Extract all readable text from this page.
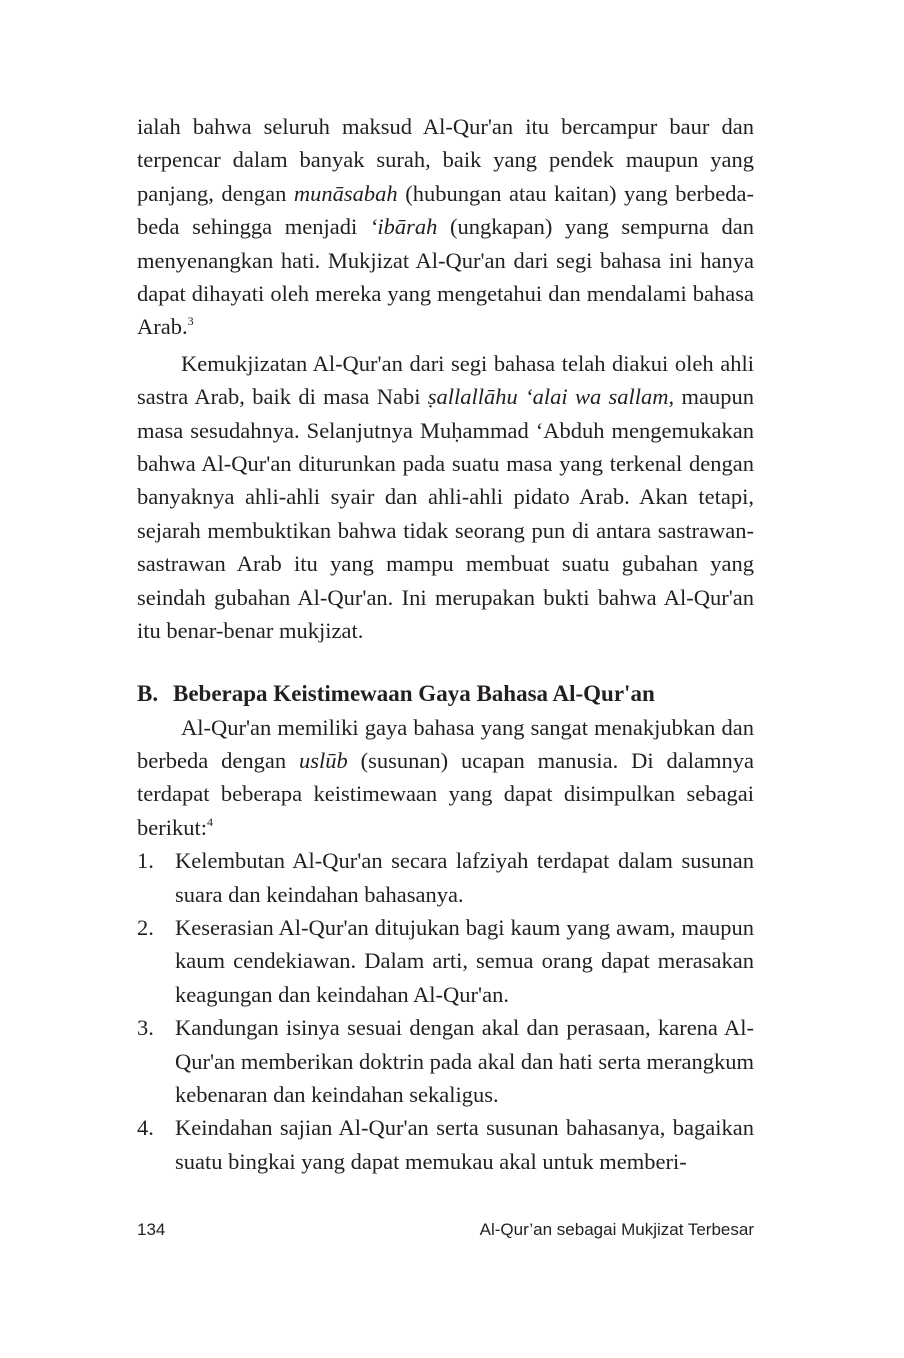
ialah bahwa seluruh maksud Al-Qur'an itu bercampur baur dan terpencar dalam banyak surah, baik yang pendek maupun yang panjang, dengan munāsabah (hubungan atau kaitan) yang berbeda-beda sehingga menjadi ‘ibārah (ungkapan) yang sempurna dan menyenangkan hati. Mukjizat Al-Qur'an dari segi bahasa ini hanya dapat dihayati oleh mereka yang mengetahui dan mendalami bahasa Arab.$^3$

Kemukjizatan Al-Qur'an dari segi bahasa telah diakui oleh ahli sastra Arab, baik di masa Nabi ṣallallāhu ‘alai wa sallam, maupun masa sesudahnya. Selanjutnya Muḥammad ‘Abduh mengemukakan bahwa Al-Qur'an diturunkan pada suatu masa yang terkenal dengan banyaknya ahli-ahli syair dan ahli-ahli pidato Arab. Akan tetapi, sejarah membuktikan bahwa tidak seorang pun di antara sastrawan-sastrawan Arab itu yang mampu membuat suatu gubahan yang seindah gubahan Al-Qur'an. Ini merupakan bukti bahwa Al-Qur'an itu benar-benar mukjizat.

B. Beberapa Keistimewaan Gaya Bahasa Al-Qur'an

Al-Qur'an memiliki gaya bahasa yang sangat menakjubkan dan berbeda dengan uslūb (susunan) ucapan manusia. Di dalamnya terdapat beberapa keistimewaan yang dapat disimpulkan sebagai berikut:$^4$

1. Kelembutan Al-Qur'an secara lafziyah terdapat dalam susunan suara dan keindahan bahasanya.
2. Keserasian Al-Qur'an ditujukan bagi kaum yang awam, maupun kaum cendekiawan. Dalam arti, semua orang dapat merasakan keagungan dan keindahan Al-Qur'an.
3. Kandungan isinya sesuai dengan akal dan perasaan, karena Al-Qur'an memberikan doktrin pada akal dan hati serta merangkum kebenaran dan keindahan sekaligus.
4. Keindahan sajian Al-Qur'an serta susunan bahasanya, bagaikan suatu bingkai yang dapat memukau akal untuk memberi-
134	Al-Qur’an sebagai Mukjizat Terbesar
